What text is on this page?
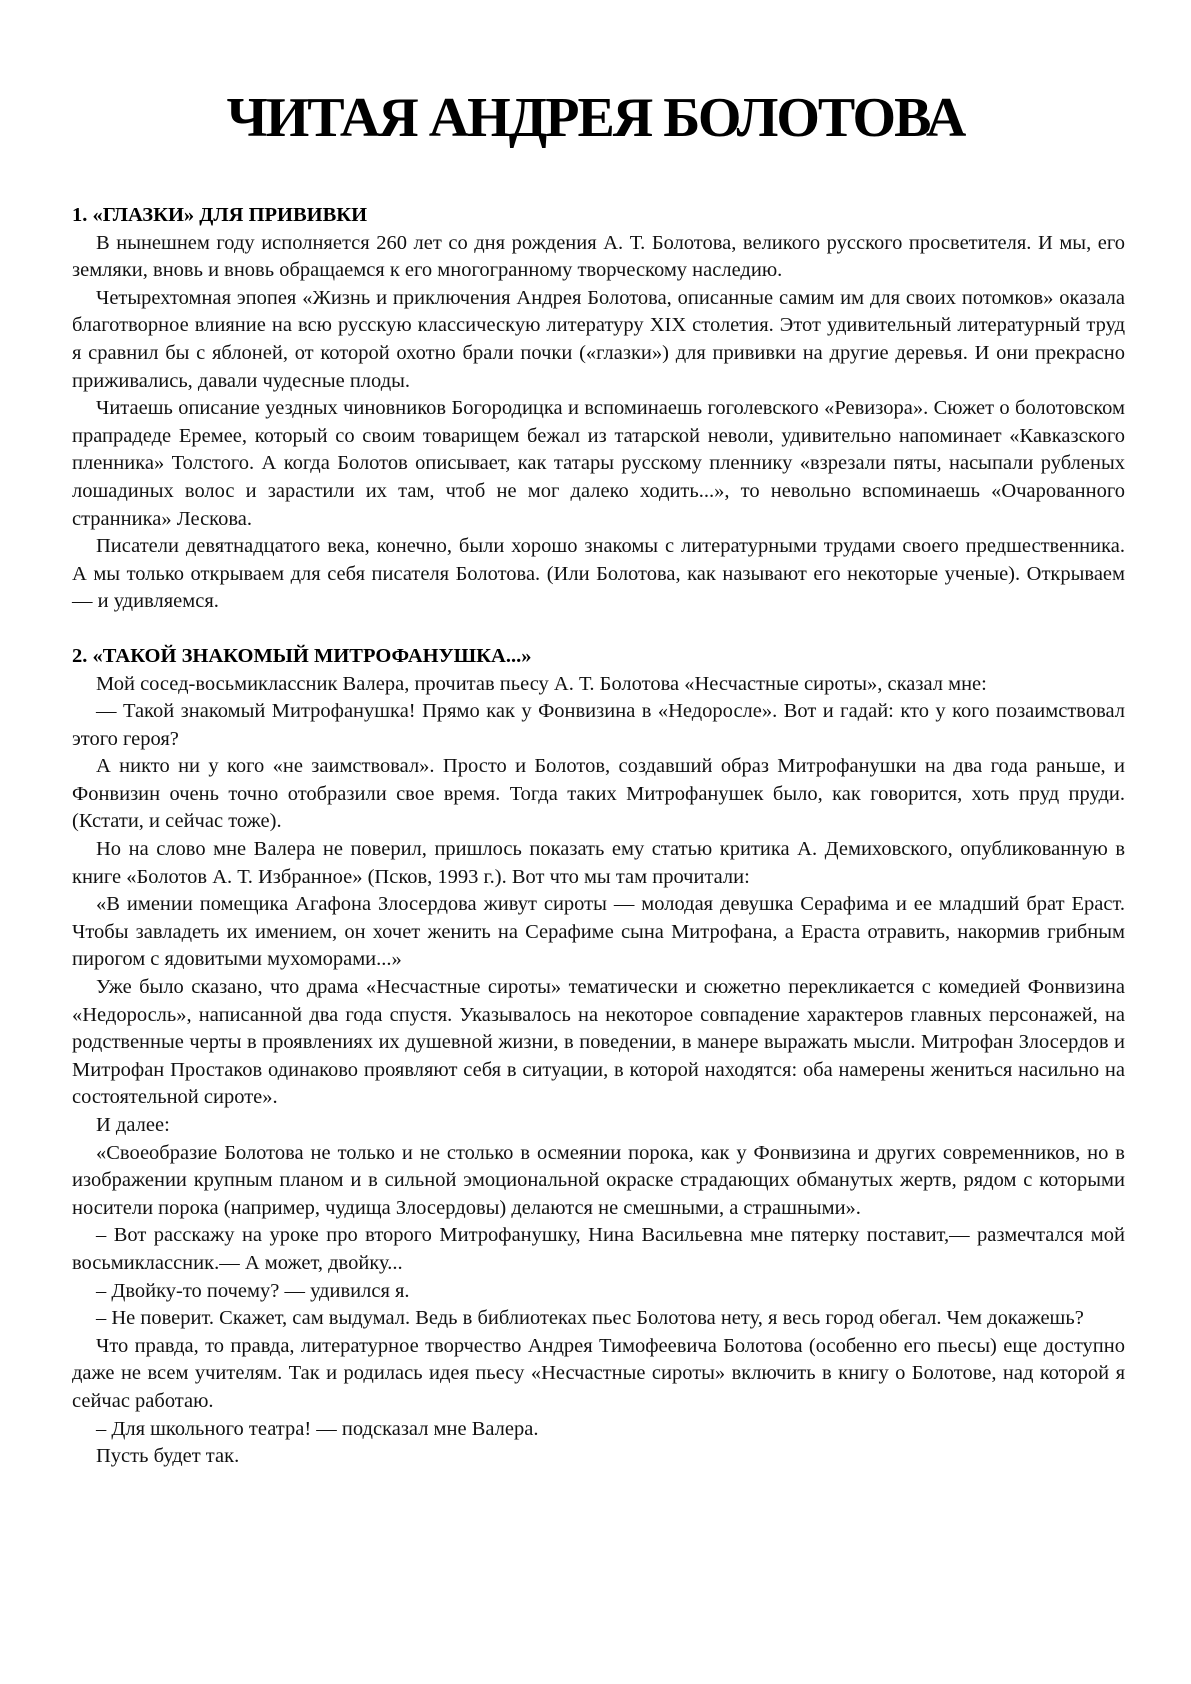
ЧИТАЯ АНДРЕЯ БОЛОТОВА

1. «ГЛАЗКИ» ДЛЯ ПРИВИВКИ

В нынешнем году исполняется 260 лет со дня рождения А. Т. Болотова, великого русского просветителя. И мы, его земляки, вновь и вновь обращаемся к его многогранному творческому наследию.

Четырехтомная эпопея «Жизнь и приключения Андрея Болотова, описанные самим им для своих потомков» оказала благотворное влияние на всю русскую классическую литературу XIX столетия. Этот удивительный литературный труд я сравнил бы с яблоней, от которой охотно брали почки («глазки») для прививки на другие деревья. И они прекрасно приживались, давали чудесные плоды.

Читаешь описание уездных чиновников Богородицка и вспоминаешь гоголевского «Ревизора». Сюжет о болотовском прапрадеде Еремее, который со своим товарищем бежал из татарской неволи, удивительно напоминает «Кавказского пленника» Толстого. А когда Болотов описывает, как татары русскому пленнику «взрезали пяты, насыпали рубленых лошадиных волос и зарастили их там, чтоб не мог далеко ходить...», то невольно вспоминаешь «Очарованного странника» Лескова.

Писатели девятнадцатого века, конечно, были хорошо знакомы с литературными трудами своего предшественника. А мы только открываем для себя писателя Болотова. (Или Болотова, как называют его некоторые ученые). Открываем — и удивляемся.

2. «ТАКОЙ ЗНАКОМЫЙ МИТРОФАНУШКА...»

Мой сосед-восьмиклассник Валера, прочитав пьесу А. Т. Болотова «Несчастные сироты», сказал мне:

— Такой знакомый Митрофанушка! Прямо как у Фонвизина в «Недоросле». Вот и гадай: кто у кого позаимствовал этого героя?

А никто ни у кого «не заимствовал». Просто и Болотов, создавший образ Митрофанушки на два года раньше, и Фонвизин очень точно отобразили свое время. Тогда таких Митрофанушек было, как говорится, хоть пруд пруди. (Кстати, и сейчас тоже).

Но на слово мне Валера не поверил, пришлось показать ему статью критика А. Демиховского, опубликованную в книге «Болотов А. Т. Избранное» (Псков, 1993 г.). Вот что мы там прочитали:

«В имении помещика Агафона Злосердова живут сироты — молодая девушка Серафима и ее младший брат Ераст. Чтобы завладеть их имением, он хочет женить на Серафиме сына Митрофана, а Ераста отравить, накормив грибным пирогом с ядовитыми мухоморами...»

Уже было сказано, что драма «Несчастные сироты» тематически и сюжетно перекликается с комедией Фонвизина «Недоросль», написанной два года спустя. Указывалось на некоторое совпадение характеров главных персонажей, на родственные черты в проявлениях их душевной жизни, в поведении, в манере выражать мысли. Митрофан Злосердов и Митрофан Простаков одинаково проявляют себя в ситуации, в которой находятся: оба намерены жениться насильно на состоятельной сироте».

И далее:

«Своеобразие Болотова не только и не столько в осмеянии порока, как у Фонвизина и других современников, но в изображении крупным планом и в сильной эмоциональной окраске страдающих обманутых жертв, рядом с которыми носители порока (например, чудища Злосердовы) делаются не смешными, а страшными».

– Вот расскажу на уроке про второго Митрофанушку, Нина Васильевна мне пятерку поставит,— размечтался мой восьмиклассник.— А может, двойку...

– Двойку-то почему? — удивился я.

– Не поверит. Скажет, сам выдумал. Ведь в библиотеках пьес Болотова нету, я весь город обегал. Чем докажешь?

Что правда, то правда, литературное творчество Андрея Тимофеевича Болотова (особенно его пьесы) еще доступно даже не всем учителям. Так и родилась идея пьесу «Несчастные сироты» включить в книгу о Болотове, над которой я сейчас работаю.

– Для школьного театра! — подсказал мне Валера.

Пусть будет так.
